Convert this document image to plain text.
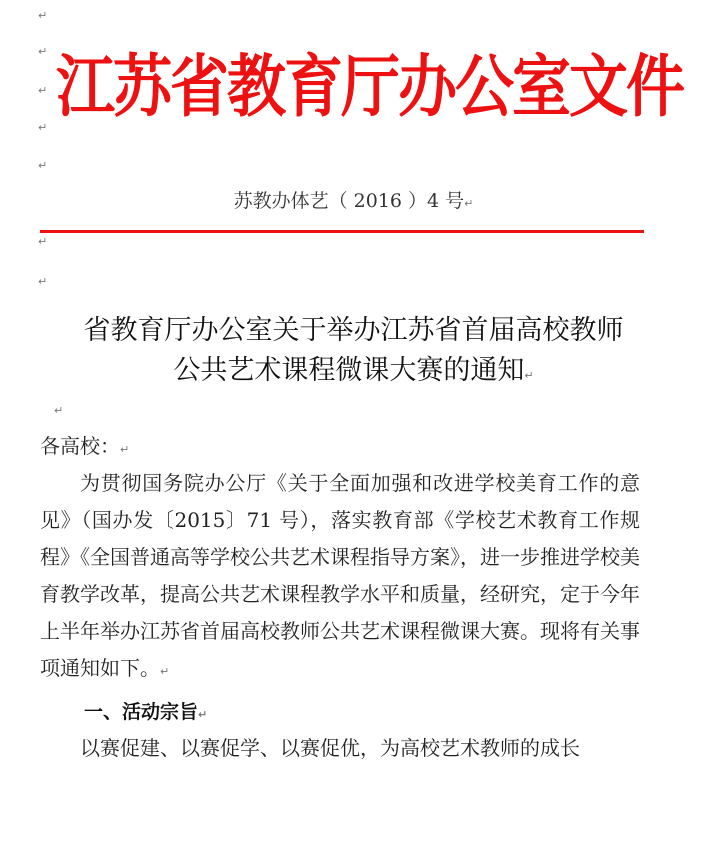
↵
↵
↵
↵
↵
江苏省教育厅办公室文件
苏教办体艺（ 2016 ）4 号↵
↵
↵
省教育厅办公室关于举办江苏省首届高校教师
公共艺术课程微课大赛的通知↵
↵
各高校：↵
为贯彻国务院办公厅《关于全面加强和改进学校美育工作的意见》（国办发〔2015〕71 号），落实教育部《学校艺术教育工作规程》《全国普通高等学校公共艺术课程指导方案》，进一步推进学校美育教学改革，提高公共艺术课程教学水平和质量，经研究，定于今年上半年举办江苏省首届高校教师公共艺术课程微课大赛。现将有关事项通知如下。↵
一、活动宗旨↵
以赛促建、以赛促学、以赛促优，为高校艺术教师的成长
